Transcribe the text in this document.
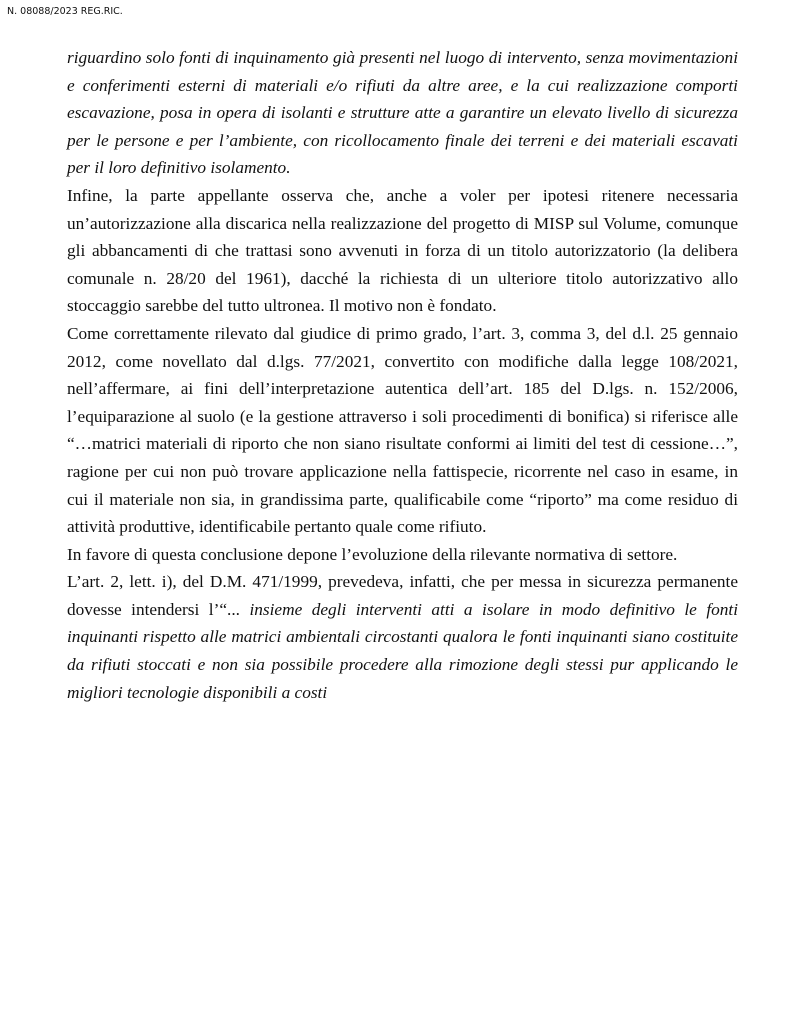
N. 08088/2023 REG.RIC.

riguardino solo fonti di inquinamento già presenti nel luogo di intervento, senza movimentazioni e conferimenti esterni di materiali e/o rifiuti da altre aree, e la cui realizzazione comporti escavazione, posa in opera di isolanti e strutture atte a garantire un elevato livello di sicurezza per le persone e per l’ambiente, con ricollocamento finale dei terreni e dei materiali escavati per il loro definitivo isolamento.

Infine, la parte appellante osserva che, anche a voler per ipotesi ritenere necessaria un’autorizzazione alla discarica nella realizzazione del progetto di MISP sul Volume, comunque gli abbancamenti di che trattasi sono avvenuti in forza di un titolo autorizzatorio (la delibera comunale n. 28/20 del 1961), dacché la richiesta di un ulteriore titolo autorizzativo allo stoccaggio sarebbe del tutto ultronea. Il motivo non è fondato.

Come correttamente rilevato dal giudice di primo grado, l’art. 3, comma 3, del d.l. 25 gennaio 2012, come novellato dal d.lgs. 77/2021, convertito con modifiche dalla legge 108/2021, nell’affermare, ai fini dell’interpretazione autentica dell’art. 185 del D.lgs. n. 152/2006, l’equiparazione al suolo (e la gestione attraverso i soli procedimenti di bonifica) si riferisce alle “…matrici materiali di riporto che non siano risultate conformi ai limiti del test di cessione…”, ragione per cui non può trovare applicazione nella fattispecie, ricorrente nel caso in esame, in cui il materiale non sia, in grandissima parte, qualificabile come “riporto” ma come residuo di attività produttive, identificabile pertanto quale come rifiuto.

In favore di questa conclusione depone l’evoluzione della rilevante normativa di settore.

L’art. 2, lett. i), del D.M. 471/1999, prevedeva, infatti, che per messa in sicurezza permanente dovesse intendersi l’“... insieme degli interventi atti a isolare in modo definitivo le fonti inquinanti rispetto alle matrici ambientali circostanti qualora le fonti inquinanti siano costituite da rifiuti stoccati e non sia possibile procedere alla rimozione degli stessi pur applicando le migliori tecnologie disponibili a costi
